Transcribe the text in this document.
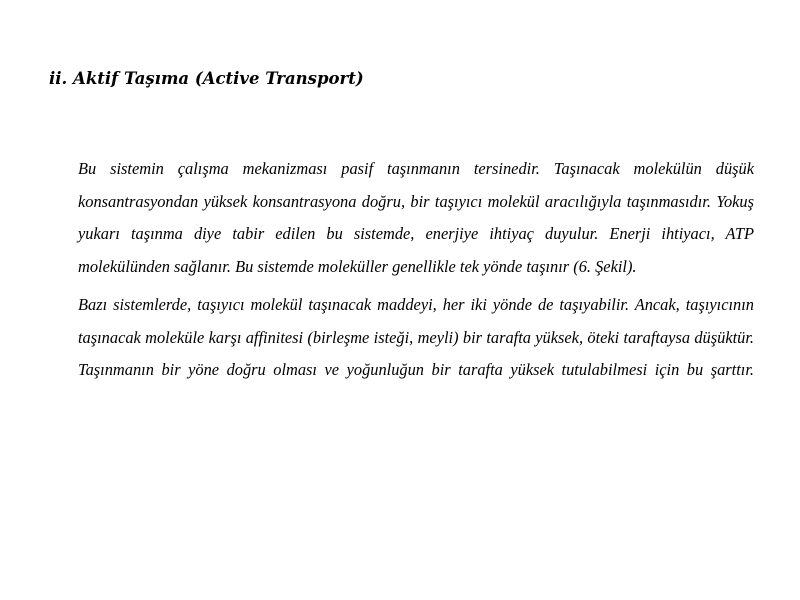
ii. Aktif Taşıma (Active Transport)

Bu sistemin çalışma mekanizması pasif taşınmanın tersinedir. Taşınacak molekülün düşük konsantrasyondan yüksek konsantrasyona doğru, bir taşıyıcı molekül aracılığıyla taşınmasıdır. Yokuş yukarı taşınma diye tabir edilen bu sistemde, enerjiye ihtiyaç duyulur. Enerji ihtiyacı, ATP molekülünden sağlanır. Bu sistemde moleküller genellikle tek yönde taşınır (6. Şekil).

Bazı sistemlerde, taşıyıcı molekül taşınacak maddeyi, her iki yönde de taşıyabilir. Ancak, taşıyıcının taşınacak moleküle karşı affinitesi (birleşme isteği, meyli) bir tarafta yüksek, öteki taraftaysa düşüktür. Taşınmanın bir yöne doğru olması ve yoğunluğun bir tarafta yüksek tutulabilmesi için bu şarttır.
